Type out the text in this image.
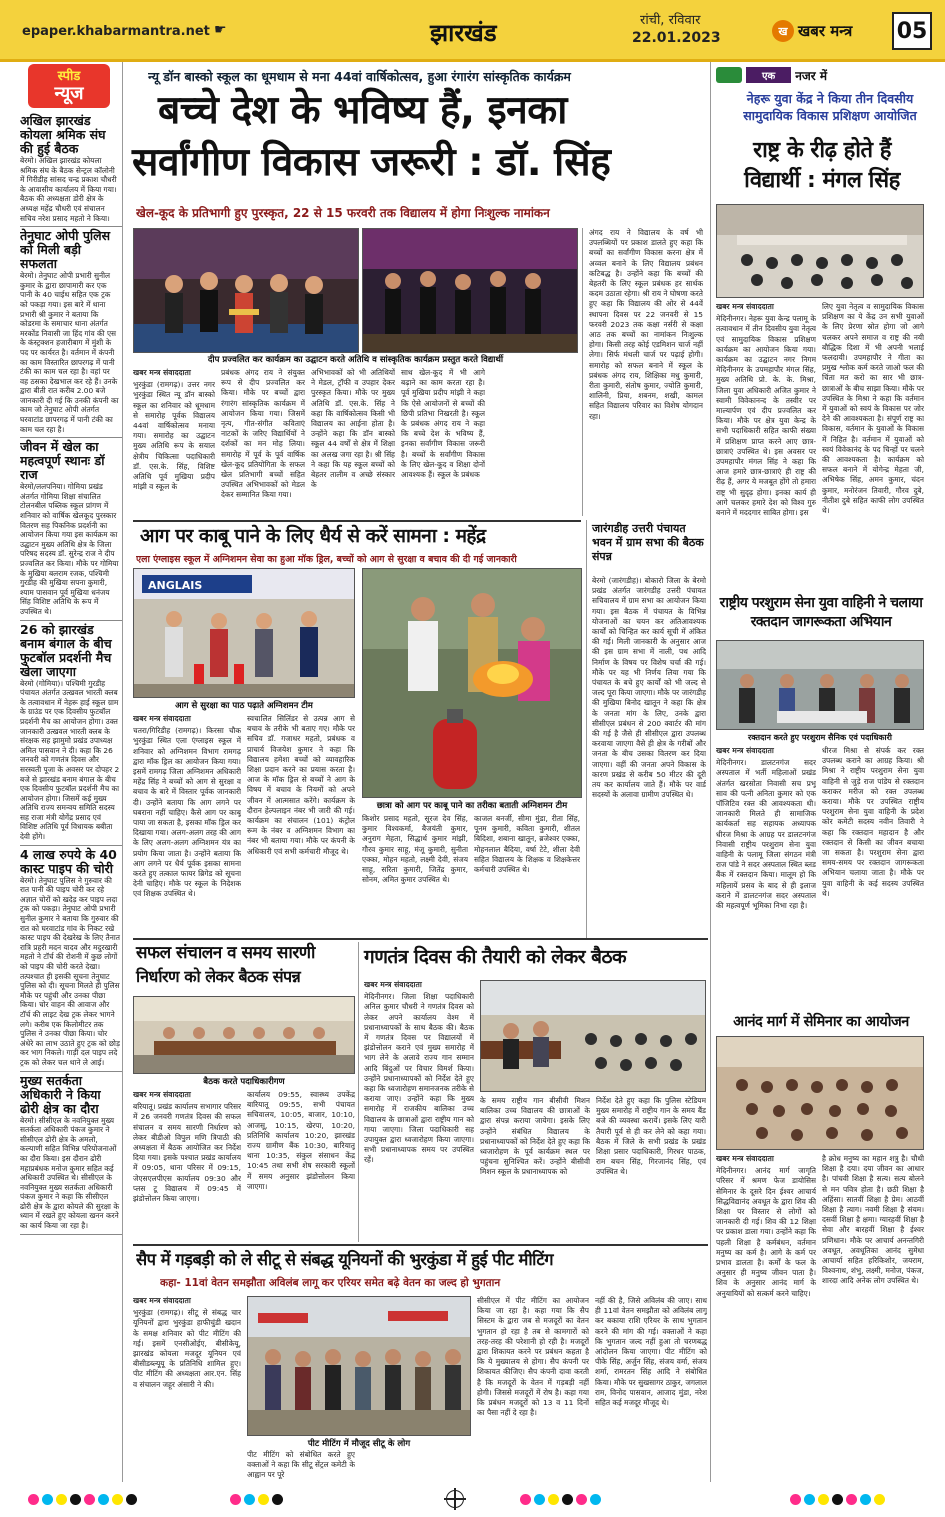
epaper.khabarmantra.net ☛	झारखंड	रांची, रविवार
22.01.2023	ख खबर मन्त्र 05
स्पीड
न्यूज
अखिल झारखंड कोयला श्रमिक संघ की हुई बैठक

बेरमो। अखिल झारखंड कोयला श्रमिक संघ के बैठक सेन्ट्रल कॉलोनी में गिरीडीह सांसद चन्द्र प्रकाश चौधरी के आवासीय कार्यालय में किया गया। बैठक की अध्यक्षता डोरी क्षेत्र के अध्यक्ष महेंद्र चौधरी एवं संचालन सचिव नरेश प्रसाद महतो ने किया।

तेनुघाट ओपी पुलिस को मिली बड़ी सफलता

बेरमो। तेनुघाट ओपी प्रभारी सुनील कुमार के द्वारा छापामारी कर एक पानी के 40 चाईथ सहित एक ट्रक को पकड़ा गया। इस बारे में थाना प्रभारी श्री कुमार ने बताया कि कोडरमा के समाचार थाना अंतर्गत मरकोंड निवासी जा हिंद गांव की एस के कंस्ट्रक्शन हजारीबाग में मुंशी के पद पर कार्यरत है। वर्तमान में कंपनी का काम विस्तारित छापरगढ़ में पानी टंकी का काम चल रहा है। वहां पर वह ठसका देखभाल कर रहे हैं। उनके द्वारा बीती रात करीब 2.00 बजे जानकारी दी गई कि उनकी कंपनी का काम जो तेनुघाट ओपी अंतर्गत घरवाटांड छापरगढ़ में पानी टंकी का काम चल रहा है।

जीवन में खेल का महत्वपूर्ण स्थानः डॉ राज

बेरमो/ललपनिया। गोमिया प्रखंड अंतर्गत गोमिया शिक्षा संचालित टोलनबील पब्लिक स्कूल प्रांगण में शनिवार को वार्षिक खेलकूद पुरस्कार वितरण सह पिकनिक प्रदर्शनी का आयोजन किया गया इस कार्यक्रम का उद्घाटन मुख्य अतिथि क्षेत्र के जिला परिषद सदस्य डॉ. सुरेन्द्र राज ने दीप प्रज्वलित कर किया। मौके पर गोमिया के मुखिया बलराम रजक, पश्चिमी गुरडीह की मुखिया सपना कुमारी, श्याम पासवान पूर्व मुखिया धनंजय सिंह विशिष्ट अतिथि के रूप में उपस्थित थे।

26 को झारखंड बनाम बंगाल के बीच फुटबॉल प्रदर्शनी मैच खेला जाएगा

बेरमो (गोमिया)। पश्चिमी गुरडीह पंचायत अंतर्गत उत्खवल भारती क्लब के तत्वावधान में नेहरू हाई स्कूल ग्राम के ग्राउंड पर एक दिवसीय फुटबॉल प्रदर्शनी मैच का आयोजन होगा। उक्त जानकारी उत्खवल भारती क्लब के संरक्षक सह झामुमो प्रखंड उपाध्यक्ष अमित पासवान ने दी। कहा कि 26 जनवरी को गणतंत्र दिवस और सरस्वती पूजा के अवसर पर दोपहर 2 बजे से झारखंड बनाम बंगाल के बीच एक दिवसीय फुटबॉल प्रदर्शनी मैच का आयोजन होगा। जिसमें कई मुख्य अतिथि राज्य समन्वय समिति सदस्य सह राजा मंत्री योगेंद्र प्रसाद एवं विशिष्ट अतिथि पूर्व विधायक बबीता देवी होंगे।

4 लाख रुपये के 40 कास्ट पाइप की चोरी

बेरमो। तेनुघाट पुलिस ने गुरुवार की रात पानी की पाइप चोरी कर रहे अज्ञात चोरों को खदेड़ कर पाइप लदा ट्रक को पकड़ा। तेनुघाट ओपी प्रभारी सुनील कुमार ने बताया कि गुरुवार की रात को घरवाटांड गांव के निकट रखे कास्ट पाइप की देखरेख के लिए तैनात रात्रि प्रहरी मदन यादव और मदुरखारी महतो ने टॉर्च की रोशनी में कुछ लोगों को पाइप की चोरी करते देखा। तत्पश्चात ही इसकी सूचना तेनुघाट पुलिस को दी। सूचना मिलते ही पुलिस मौके पर पहुंची और उनका पीछा किया। चोर वाहन की आवाज और टॉर्च की लाइट देख ट्रक लेकर भागने लगे। करीब एक किलोमीटर तक पुलिस ने उनका पीछा किया। चोर अंधेरे का लाभ उठाते हुए ट्रक को छोड़ कर भाग निकले। गाड़ी दल पाइप लदे ट्रक को लेकर चल थाने ले आई।

मुख्य सतर्कता अधिकारी ने किया ढोरी क्षेत्र का दौरा

बेरमो। सीसीएल के नवनियुक्त मुख्य सतर्कता अधिकारी पंकज कुमार ने सीसीएल ढोरी क्षेत्र के अमलो, कल्याणी सहित विभिन्न परियोजनाओं का दौरा किया। इस दौरान ढोरी महाप्रबंधक मनोज कुमार सहित कई अधिकारी उपस्थित थे। सीसीएल के नवनियुक्त मुख्य सतर्कता अधिकारी पंकज कुमार ने कहा कि सीसीएल ढोरी क्षेत्र के द्वारा कोयले की सुरक्षा के ध्यान में रखते हुए कोयला खनन करने का कार्य किया जा रहा है।

न्यू डॉन बास्को स्कूल का धूमधाम से मना 44वां वार्षिकोत्सव, हुआ रंगारंग सांस्कृतिक कार्यक्रम
बच्चे देश के भविष्य हैं, इनका
सर्वांगीण विकास जरूरी : डॉ. सिंह
खेल-कूद के प्रतिभागी हुए पुरस्कृत, 22 से 15 फरवरी तक विद्यालय में होगा निःशुल्क नामांकन
दीप प्रज्वलित कर कार्यक्रम का उद्घाटन करते अतिथि व सांस्कृतिक कार्यक्रम प्रस्तुत करते विद्यार्थी
खबर मन्त्र संवाददाता
भुरकुंडा (रामगढ़)। उत्तर नगर भुरकुंडा स्थित न्यू डॉन बास्को स्कूल का शनिवार को धूमधाम से समारोह पूर्वक विद्यालय 44वां वार्षिकोत्सव मनाया गया। समारोह का उद्घाटन मुख्य अतिथि रूप के सयाल क्षेत्रीय चिकित्सा पदाधिकारी डॉ. एस.के. सिंह, विशिष्ट अतिथि पूर्व मुखिया प्रदीप मांझी व स्कूल के
प्रबंधक अंगद राय ने संयुक्त रूप से दीप प्रज्वलित कर किया। मौके पर बच्चों द्वारा रंगारंग सांस्कृतिक कार्यक्रम में आयोजन किया गया। जिसमें नृत्य, गीत-संगीत कविताएं नाटकों के जरिए विद्यार्थियों ने दर्शकों का मन मोह लिया। समारोह में पूर्व के पूर्व वार्षिक खेल-कूद प्रतियोगिता के सफल खेल प्रतिभागी बच्चों सहित उपस्थित अभिभावकों को मेडल देकर सम्मानित किया गया।
अभिभावकों को भी अतिथियों ने मेडल, ट्रॉफी व उपहार देकर पुरस्कृत किया। मौके पर मुख्य अतिथि डॉ. एस.के. सिंह ने कहा कि वार्षिकोत्सव किसी भी विद्यालय का आईना होता है। उन्होंने कहा कि डॉन बास्को स्कूल 44 वर्षों से क्षेत्र में शिक्षा का अलख जगा रहा है। श्री सिंह ने कहा कि यह स्कूल बच्चों को बेहतर तालीम व अच्छे संस्कार के
साथ खेल-कूद में भी आगे बढ़ाने का काम करता रहा है। पूर्व मुखिया प्रदीप मांझी ने कहा कि ऐसे आयोजनों से बच्चों की छिपी प्रतिभा निखरती है। स्कूल के प्रबंधक अंगद राय ने कहा कि बच्चे देश के भविष्य हैं, इनका सर्वांगीण विकास जरूरी है। बच्चों के सर्वांगीण विकास के लिए खेल-कूद व शिक्षा दोनों आवश्यक हैं। स्कूल के प्रबंधक
अंगद राय ने विद्यालय के वर्ष भी उपलब्धियों पर प्रकाश डालते हुए कहा कि बच्चों का सर्वांगीण विकास करना क्षेत्र में अव्वल बनाने के लिए विद्यालय प्रबंधन कटिबद्ध है। उन्होंने कहा कि बच्चों की बेहतरी के लिए स्कूल प्रबंधक हर सार्थक कदम उठाता रहेगा। श्री राय ने घोषणा करते हुए कहा कि विद्यालय की ओर से 44वें स्थापना दिवस पर 22 जनवरी से 15 फरवरी 2023 तक कक्षा नर्सरी से कक्षा आठ तक बच्चों का नामांकन निःशुल्क होगा। किसी तरह कोई एडमिशन चार्ज नहीं लेगा। सिर्फ मंथली चार्ज पर पढ़ाई होगी। समारोह को सफल बनाने में स्कूल के प्रबंधक अंगद राय, शिक्षिका मधु कुमारी, रीता कुमारी, संतोष कुमार, ज्योति कुमारी, शालिनी, प्रिया, शबनम, शखी, कामल सहित विद्यालय परिवार का विशेष योगदान रहा।
एक	नजर में
नेहरू युवा केंद्र ने किया तीन दिवसीय सामुदायिक विकास प्रशिक्षण आयोजित
राष्ट्र के रीढ़ होते हैं
विद्यार्थी : मंगल सिंह
खबर मन्त्र संवाददाता
मेदिनीनगर। नेहरू युवा केन्द्र पलामू के तत्वावधान में तीन दिवसीय युवा नेतृत्व एवं सामुदायिक विकास प्रशिक्षण कार्यक्रम का आयोजन किया गया। कार्यक्रम का उद्घाटन नगर निगम मेदिनीनगर के उपमहापौर मंगल सिंह, मुख्य अतिथि प्रो. के. के. मिश्रा, जिला युवा अधिकारी अजित कुमार ने स्वामी विवेकानन्द के तस्वीर पर माल्यार्पण एवं दीप प्रज्वलित कर किया। मौके पर क्षेत्र युवा केन्द्र के सभी पदाधिकारी सहित काफी संख्या में प्रशिक्षण प्राप्त करने आए छात्र-छात्राएं उपस्थित थे। इस अवसर पर उपमहापौर मंगल सिंह ने कहा कि आज हमारे छात्र-छात्राएं ही राष्ट्र की रीढ़ हैं, अगर ये मजबूत होंगे तो हमारा राष्ट्र भी सुदृढ़ होगा। इनका कार्य ही आगे चलकर हमारे देश को विश्व गुरु बनाने में मददगार साबित होगा। इस
लिए युवा नेतृत्व व सामुदायिक विकास प्रशिक्षण का ये केंद्र उन सभी युवाओं के लिए प्रेरणा स्रोत होगा जो आगे चलकर अपने समाज व राष्ट्र की नयी बौद्धिक दिशा में भी अपनी भलाई फलदायी। उपमहापौर ने गीता का प्रमुख श्लोक कर्म करते जाओ फल की चिंता मत करो का सार भी छात्र-छात्राओं के बीच साझा किया। मौके पर उपस्थित के मिश्रा ने कहा कि वर्तमान में युवाओं को स्वयं के विकास पर जोर देने की आवश्यकता है। संपूर्ण राष्ट्र का विकास, वर्तमान के युवाओं के विकास में निहित है। वर्तमान में युवाओं को स्वयं विवेकानंद के पद चिन्हों पर चलने की आवश्यकता है। कार्यक्रम को सफल बनाने में योगेन्द्र मेहता जी, अभिषेक सिंह, अमन कुमार, चंदन कुमार, मनोरंजन तिवारी, गौरव दुबे, नीतीश दुबे सहित काफी लोग उपस्थित थे।
आग पर काबू पाने के लिए धैर्य से करें सामना : महेंद्र
एला एंग्लाइस स्कूल में अग्निशमन सेवा का हुआ मॉक ड्रिल, बच्चों को आग से सुरक्षा व बचाव की दी गई जानकारी
ANGLAIS
आग से सुरक्षा का पाठ पढ़ाते अग्निशमन टीम
छात्रा को आग पर काबू पाने का तरीका बताती अग्निशमन टीम
खबर मन्त्र संवाददाता
चतरा/गिरिडीह (रामगढ़)। किरसा चौक भुरकुंडा स्थित एला एंग्लाइस स्कूल में शनिवार को अग्निशमन विभाग रामगढ़ द्वारा मॉक ड्रिल का आयोजन किया गया। इसमें रामगढ़ जिला अग्निशमन अधिकारी महेंद्र सिंह ने बच्चों को आग से सुरक्षा व बचाव के बारे में विस्तार पूर्वक जानकारी दी। उन्होंने बताया कि आग लगने पर घबराना नहीं चाहिए। कैसे आग पर काबू पाया जा सकता है, इसका मॉक ड्रिल कर दिखाया गया। अलग-अलग तरह की आग के लिए अलग-अलग अग्निशमन यंत्र का प्रयोग किया जाता है। उन्होंने बताया कि आग लगने पर धैर्य पूर्वक इसका सामना करते हुए तत्काल फायर ब्रिगेड को सूचना देनी चाहिए। मौके पर स्कूल के निदेशक एवं शिक्षक उपस्थित थे।
स्वचालित सिलिंडर से उत्पन्न आग से बचाव के तरीके भी बताए गए। मौके पर सचिव डॉ. गजाधर महतो, प्रबंधक व प्राचार्य विजयेश कुमार ने कहा कि विद्यालय हमेशा बच्चों को व्यावहारिक शिक्षा प्रदान करने का प्रयास करता है। आज के मॉक ड्रिल से बच्चों ने आग के विषय में बचाव के नियमों को अपने जीवन में आत्मसात करेंगे। कार्यक्रम के दौरान हेल्पलाइन नंबर भी जारी की गई। कार्यक्रम का संचालन (101) कंट्रोल रूम के नंबर व अग्निशमन विभाग का नंबर भी बताया गया। मौके पर कंपनी के अधिकारी एवं सभी कर्मचारी मौजूद थे।
किशोर प्रसाद महतो, सूरज देव सिंह, कुमार विश्वकर्मा, बैजयंती कुमार, अनुराग मेहता, सिद्धार्थ कुमार मांझी, गौरव कुमार साहू, मंजू कुमारी, सुनीता एक्का, मोहन महतो, लक्ष्मी देवी, संजय साहू, सरिता कुमारी, जितेंद्र कुमार, सोनम, अमित कुमार उपस्थित थे।
काजल बनर्जी, सीमा मुंडा, रीता सिंह, पूनम कुमारी, कविता कुमारी, शीतल बिदिशा, शबाना खातून, ब्रजेश्वर एक्का, मोहनलाल बैदिया, वर्षा टेटे, शीला देवी सहित विद्यालय के शिक्षक व शिक्षकेत्तर कर्मचारी उपस्थित थे।
जारंगडीह उत्तरी पंचायत भवन में ग्राम सभा की बैठक संपन्न
बेरमो (जारंगडीह)। बोकारो जिला के बेरमो प्रखंड अंतर्गत जारंगडीह उत्तरी पंचायत सचिवालय में ग्राम सभा का आयोजन किया गया। इस बैठक में पंचायत के विभिन्न योजनाओं का चयन कर अतिआवश्यक कार्यों को चिन्हित कर कार्य सूची में अंकित की गई। मिली जानकारी के अनुसार आज की इस ग्राम सभा में नाली, पथ आदि निर्माण के विषय पर विशेष चर्चा की गई। मौके पर यह भी निर्णय लिया गया कि पंचायत के बचे हुए कार्यों को भी जल्द से जल्द पूरा किया जाएगा। मौके पर जारंगडीह की मुखिया बिनोद खातून ने कहा कि क्षेत्र के जनता मांग के लिए, उनके द्वारा सीसीएल प्रबंधन से 200 क्वार्टर की मांग की गई है जैसे ही सीसीएल द्वारा उपलब्ध करवाया जाएगा वैसे ही क्षेत्र के गरीबों और जनता के बीच उसका वितरण कर दिया जाएगा। वहीं की जनता अपने विकास के कारण प्रखंड से करीब 50 मीटर की दूरी तय कर कार्यालय जाते हैं। मौके पर वार्ड सदस्यों के अलावा ग्रामीण उपस्थित थे।
राष्ट्रीय परशुराम सेना युवा वाहिनी ने चलाया रक्तदान जागरूकता अभियान
रक्तदान करते हुए परशुराम सैनिक एवं पदाधिकारी
खबर मन्त्र संवाददाता
मेदिनीनगर। डालटनगंज सदर अस्पताल में भर्ती महिलाओं प्रखंड अंतर्गत खरसोता निवासी सच प्रभू साव की पत्नी अनिता कुमार को एक पॉजिटिव रक्त की आवश्यकता थी। जानकारी मिलते ही सामाजिक कार्यकर्ता सह सहायक अध्यापक धीरज मिश्रा के आग्रह पर डालटनगंज निवासी राष्ट्रीय परशुराम सेना युवा वाहिनी के पलामू जिला संगठन मंत्री राज पांडे ने सदर अस्पताल स्थित ब्लड बैंक में रक्तदान किया। मालूम हो कि महिलायें प्रसव के बाद से ही इलाज कराने में डालटनगंज सदर अस्पताल की महत्वपूर्ण भूमिका निभा रहा है।
धीरज मिश्रा से संपर्क कर रक्त उपलब्ध कराने का आग्रह किया। श्री मिश्रा ने राष्ट्रीय परशुराम सेना युवा वाहिनी से जुड़े राज पांडेय से रक्तदान कराकर मरीज को रक्त उपलब्ध कराया। मौके पर उपस्थित राष्ट्रीय परशुराम सेना युवा वाहिनी के प्रदेश कोर कमेटी सदस्य नवीन तिवारी ने कहा कि रक्तदान महादान है और रक्तदान से किसी का जीवन बचाया जा सकता है। परशुराम सेना द्वारा समय-समय पर रक्तदान जागरूकता अभियान चलाया जाता है। मौके पर युवा वाहिनी के कई सदस्य उपस्थित थे।
सफल संचालन व समय सारणी
निर्धारण को लेकर बैठक संपन्न
बैठक करते पदाधिकारीगण
खबर मन्त्र संवाददाता
बरियातू। प्रखंड कार्यालय सभागार परिसर में 26 जनवरी गणतंत्र दिवस की सफल संचालन व समय सारणी निर्धारण को लेकर बीडीओ विपुल मणि त्रिपाठी की अध्यक्षता में बैठक आयोजित कर निर्देश दिया गया। इसके पश्चात प्रखंड कार्यालय में 09:05, थाना परिसर में 09:15, जेएसएलपीएस कार्यालय 09:30 और प्लस टू विद्यालय में 09:45 में झंडोत्तोलन किया जाएगा।
कार्यालय 09:55, स्वास्थ्य उपकेंद्र बारियातू 09:55, सभी पंचायत सचिवालय, 10:05, बाजार, 10:10, आजसू, 10:15, खेरपा, 10:20, प्रतिनिधि कार्यालय 10:20, झारखंड राज्य ग्रामीण बैंक 10:30, बारियातू थाना 10:35, संकुल संसाधन केंद्र 10:45 तथा सभी शेष सरकारी स्कूलों में समय अनुसार झंडोत्तोलन किया जाएगा।
गणतंत्र दिवस की तैयारी को लेकर बैठक
खबर मन्त्र संवाददाता
मेदिनीनगर। जिला शिक्षा पदाधिकारी अनिल कुमार चौधरी ने गणतंत्र दिवस को लेकर अपने कार्यालय वेश्म में प्रधानाध्यापकों के साथ बैठक की। बैठक में गणतंत्र दिवस पर विद्यालयों में झंडोत्तोलन कराने एवं मुख्य समारोह में भाग लेने के अलावे राज्य गान सम्मान आदि बिंदुओं पर विचार विमर्श किया। उन्होंने प्रधानाध्यापकों को निर्देश देते हुए कहा कि ध्वजारोहण समानजनक तरीके से कराया जाए। उन्होंने कहा कि मुख्य समारोह में राजकीय बालिका उच्च विद्यालय के छात्राओं द्वारा राष्ट्रीय गान को गाया जाएगा। जिला पदाधिकारी सह उपायुक्त द्वारा ध्वजारोहण किया जाएगा। सभी प्रधानाध्यापक समय पर उपस्थित रहें।
के समय राष्ट्रीय गान बीसीवी मिशन बालिका उच्च विद्यालय की छात्राओं के द्वारा संपन्न कराया जायेगा। इसके लिए उन्होंने संबंधित विद्यालय के प्रधानाध्यापकों को निर्देश देते हुए कहा कि ध्वजारोहण के पूर्व कार्यक्रम स्थल पर पहुंचना सुनिश्चित करें। उन्होंने बीसीवी मिशन स्कूल के प्रधानाध्यापक को
निर्देश देते हुए कहा कि पुलिस स्टेडियम मुख्य समारोह में राष्ट्रीय गान के समय बैंड बजे की व्यवस्था करायें। इसके लिए यारी तैयारी पूर्व से ही कर लेने को कहा गया। बैठक में जिले के सभी प्रखंड के प्रखंड शिक्षा प्रसार पदाधिकारी, गिरधर पाठक, राम बचन सिंह, गिरजानंद सिंह, एवं उपस्थित थे।
आनंद मार्ग में सेमिनार का आयोजन
खबर मन्त्र संवाददाता
मेदिनीनगर। आनंद मार्ग जागृति परिसर में श्रमण फेज डायोसिस सेमिनार के दूसरे दिन ईश्वर आचार्य सिद्धविद्यानंद अवधूत के द्वारा शिव की शिक्षा पर विस्तार से लोगों को जानकारी दी गई। शिव की 12 शिक्षा पर प्रकाश डाला गया। उन्होंने कहा कि पहली शिक्षा है कर्मबंधन, वर्तमान मनुष्य का कर्म है। आगे के कर्म पर प्रभाव डालता है। कर्मों के फल के अनुसार ही मनुष्य जीवन पाता है। शिव के अनुसार आनंद मार्ग के अनुयायियों को सत्कर्म करने चाहिए।
है क्रोध मनुष्य का महान शत्रु है। चौथी शिक्षा है दया। दया जीवन का आधार है। पांचवी शिक्षा है सत्य। सत्य बोलने से मन पवित्र होता है। छठी शिक्षा है अहिंसा। सातवीं शिक्षा है प्रेम। आठवीं शिक्षा है त्याग। नवमी शिक्षा है संयम। दसवीं शिक्षा है क्षमा। ग्यारहवीं शिक्षा है सेवा और बारहवीं शिक्षा है ईश्वर प्रणिधान। मौके पर आचार्य अनन्तगिरी अवधूत, अवधूतिका आनंद सुमेधा आचार्या सहित हरिकिशोर, जयराम, विश्वनाथ, शंभु, लक्ष्मी, मनोज, पंकज, शारदा आदि अनेक लोग उपस्थित थे।
सैप में गड़बड़ी को ले सीटू से संबद्ध यूनियनों की भुरकुंडा में हुई पीट मीटिंग
कहा- 11वां वेतन समझौता अविलंब लागू कर एरियर समेत बढ़े वेतन का जल्द हो भुगतान
खबर मन्त्र संवाददाता
भुरकुंडा (रामगढ़)। सीटू से संबद्ध चार यूनियनों द्वारा भुरकुंडा हाफीचुंडी खदान के समक्ष शनिवार को पीट मीटिंग की गई। इसमें एनसीओईए, बीसीकेयू, झारखंड कोयला मजदूर यूनियन एवं बीसीडब्ल्यूयू के प्रतिनिधि शामिल हुए। पीट मीटिंग की अध्यक्षता आर.एन. सिंह व संचालन जहूर अंसारी ने की।
पीट मीटिंग में मौजूद सीटू के लोग
पीट मीटिंग को संबोधित करते हुए वक्ताओं ने कहा कि सीटू सेंट्रल कमेटी के आह्वान पर पूरे
सीसीएल में पीट मीटिंग का आयोजन किया जा रहा है। कहा गया कि सैप सिस्टम के द्वारा जब से मजदूरों का वेतन भुगतान हो रहा है तब से कामगारों को तरह-तरह की परेशानी हो रही है। मजदूरों द्वारा शिकायत करने पर प्रबंधन कहता है कि ये मुख्यालय से होगा। सैप कंपनी पर शिकायत कीजिए। सैप कंपनी दावा करती है कि मजदूरों के वेतन में गड़बड़ी नहीं होगी। जिससे मजदूरों में रोष है। कहा गया कि प्रबंधन मजदूरों को 13 व 11 दिनों का पैसा नहीं दे रहा है।
नहीं की है, जिसे अविलंब की जाए। साथ ही 11वां वेतन समझौता को अविलंब लागू कर बकाया राशि एरियर के साथ भुगतान करने की मांग की गई। वक्ताओं ने कहा कि भुगतान जल्द नहीं हुआ तो चरणबद्ध आंदोलन किया जाएगा। पीट मीटिंग को पीके सिंह, अर्जुन सिंह, संजय वर्मा, संजय शर्मा, रामरतन सिंह आदि ने संबोधित किया। मौके पर सुखसागर ठाकुर, जगलाल राम, विनोद पासवान, आजाद मुंडा, नरेश सहित कई मजदूर मौजूद थे।
